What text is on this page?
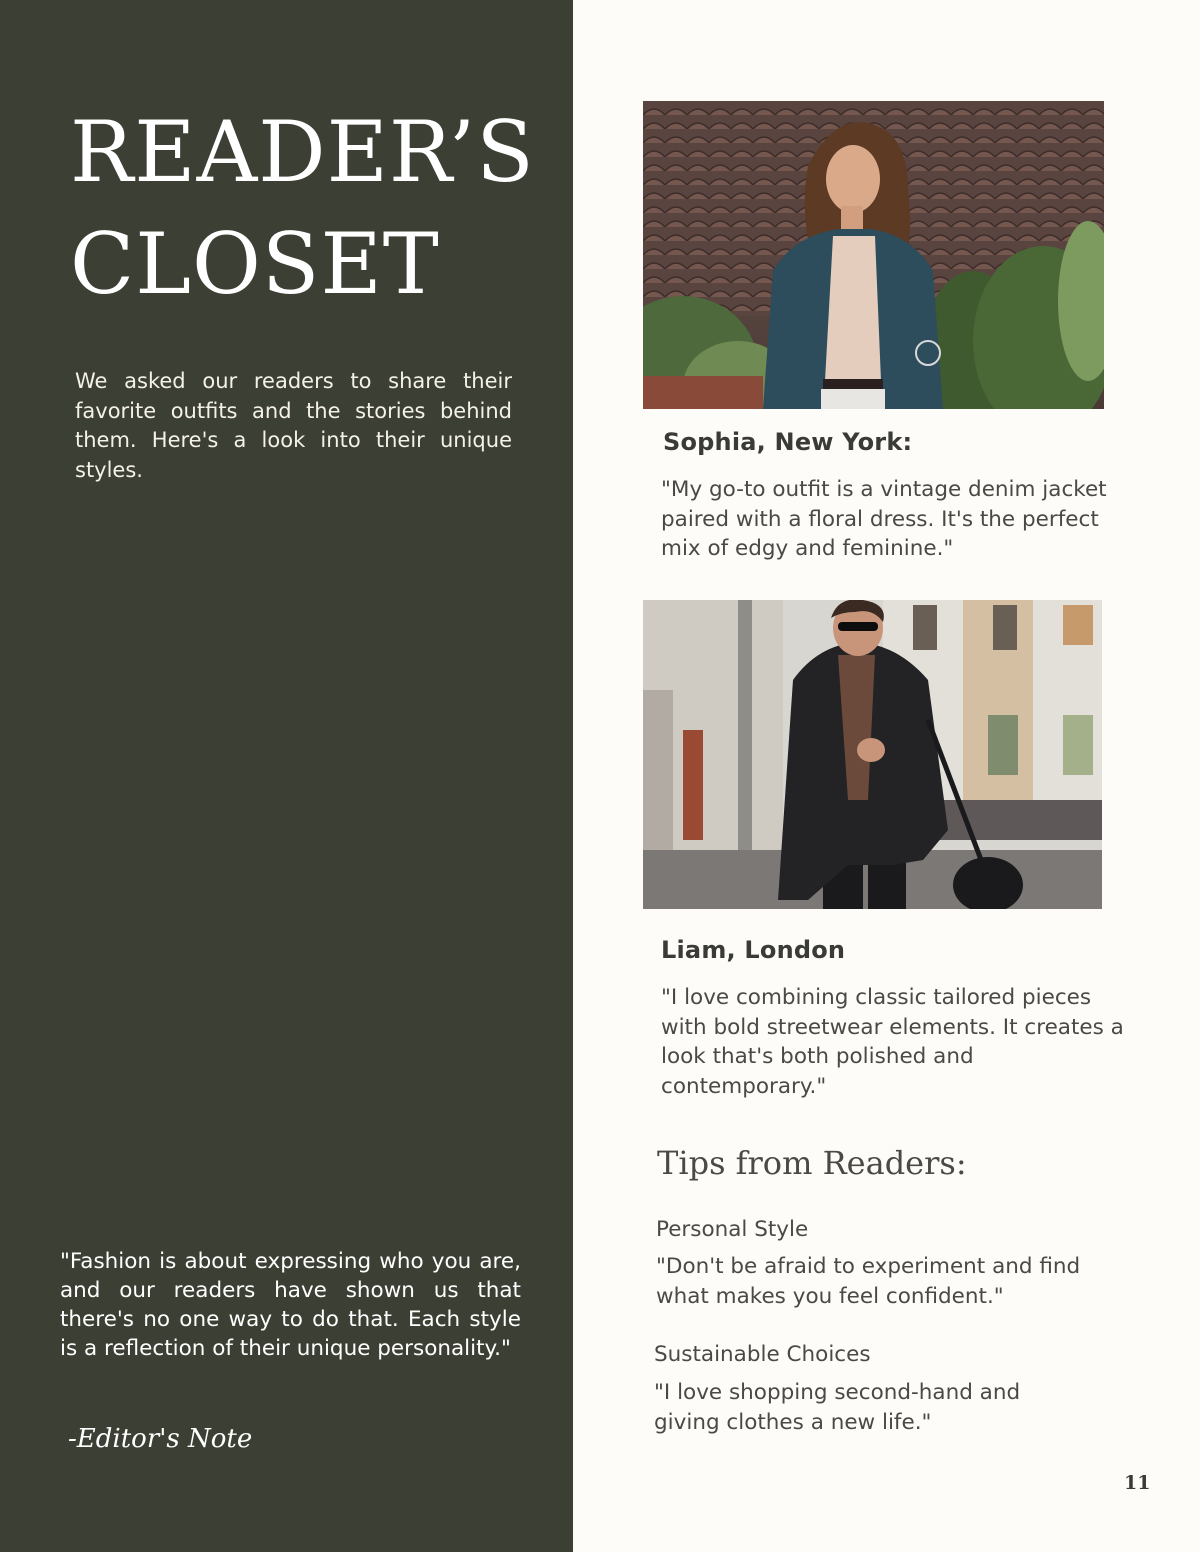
READER’S
CLOSET

We asked our readers to share their favorite outfits and the stories behind them. Here's a look into their unique styles.

"Fashion is about expressing who you are, and our readers have shown us that there's no one way to do that. Each style is a reflection of their unique personality."

-Editor's Note

Sophia, New York:

"My go-to outfit is a vintage denim jacket paired with a floral dress. It's the perfect mix of edgy and feminine."

Liam, London

"I love combining classic tailored pieces with bold streetwear elements. It creates a look that's both polished and contemporary."

Tips from Readers:

Personal Style

"Don't be afraid to experiment and find what makes you feel confident."

Sustainable Choices

"I love shopping second-hand and giving clothes a new life."

11
